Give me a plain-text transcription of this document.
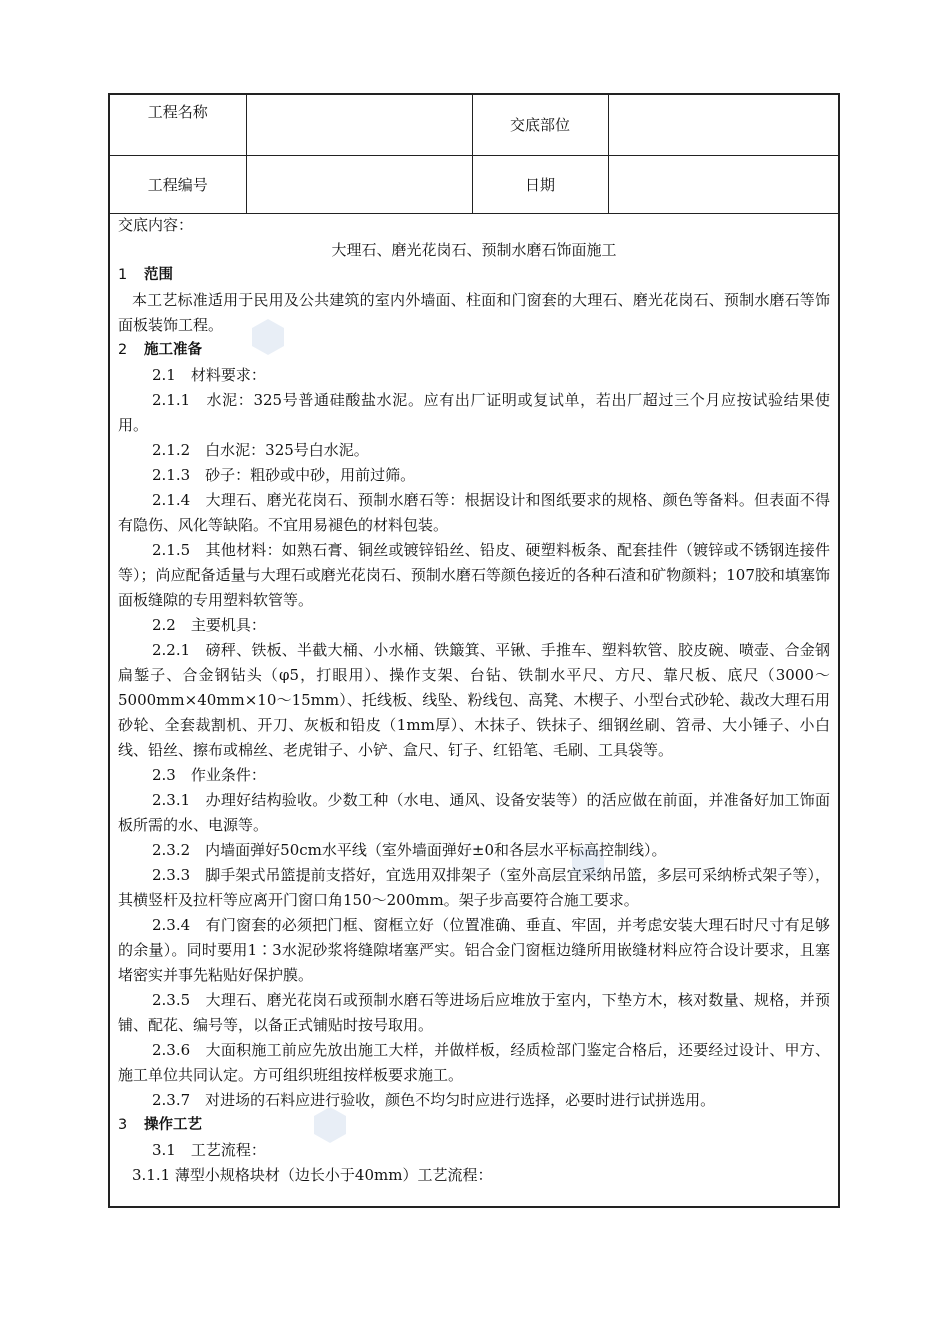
工程名称		交底部位	
工程编号		日期	

交底内容：

大理石、磨光花岗石、预制水磨石饰面施工

1 范围

本工艺标准适用于民用及公共建筑的室内外墙面、柱面和门窗套的大理石、磨光花岗石、预制水磨石等饰面板装饰工程。

2 施工准备

2.1　材料要求：

2.1.1　水泥：325号普通硅酸盐水泥。应有出厂证明或复试单，若出厂超过三个月应按试验结果使用。

2.1.2　白水泥：325号白水泥。

2.1.3　砂子：粗砂或中砂，用前过筛。

2.1.4　大理石、磨光花岗石、预制水磨石等：根据设计和图纸要求的规格、颜色等备料。但表面不得有隐伤、风化等缺陷。不宜用易褪色的材料包装。

2.1.5　其他材料：如熟石膏、铜丝或镀锌铅丝、铅皮、硬塑料板条、配套挂件（镀锌或不锈钢连接件等）；尚应配备适量与大理石或磨光花岗石、预制水磨石等颜色接近的各种石渣和矿物颜料；107胶和填塞饰面板缝隙的专用塑料软管等。

2.2　主要机具：

2.2.1　磅秤、铁板、半截大桶、小水桶、铁簸箕、平锹、手推车、塑料软管、胶皮碗、喷壶、合金钢扁錾子、合金钢钻头（φ5，打眼用）、操作支架、台钻、铁制水平尺、方尺、靠尺板、底尺（3000～5000mm×40mm×10～15mm）、托线板、线坠、粉线包、高凳、木楔子、小型台式砂轮、裁改大理石用砂轮、全套裁割机、开刀、灰板和铅皮（1mm厚）、木抹子、铁抹子、细钢丝刷、笤帚、大小锤子、小白线、铅丝、擦布或棉丝、老虎钳子、小铲、盒尺、钉子、红铅笔、毛刷、工具袋等。

2.3　作业条件：

2.3.1　办理好结构验收。少数工种（水电、通风、设备安装等）的活应做在前面，并准备好加工饰面板所需的水、电源等。

2.3.2　内墙面弹好50cm水平线（室外墙面弹好±0和各层水平标高控制线）。

2.3.3　脚手架式吊篮提前支搭好，宜选用双排架子（室外高层宜采纳吊篮，多层可采纳桥式架子等），其横竖杆及拉杆等应离开门窗口角150～200mm。架子步高要符合施工要求。

2.3.4　有门窗套的必须把门框、窗框立好（位置准确、垂直、牢固，并考虑安装大理石时尺寸有足够的余量）。同时要用1∶3水泥砂浆将缝隙堵塞严实。铝合金门窗框边缝所用嵌缝材料应符合设计要求，且塞堵密实并事先粘贴好保护膜。

2.3.5　大理石、磨光花岗石或预制水磨石等进场后应堆放于室内，下垫方木，核对数量、规格，并预铺、配花、编号等，以备正式铺贴时按号取用。

2.3.6　大面积施工前应先放出施工大样，并做样板，经质检部门鉴定合格后，还要经过设计、甲方、施工单位共同认定。方可组织班组按样板要求施工。

2.3.7　对进场的石料应进行验收，颜色不均匀时应进行选择，必要时进行试拼选用。

3 操作工艺

3.1　工艺流程：

3.1.1 薄型小规格块材（边长小于40mm）工艺流程：
